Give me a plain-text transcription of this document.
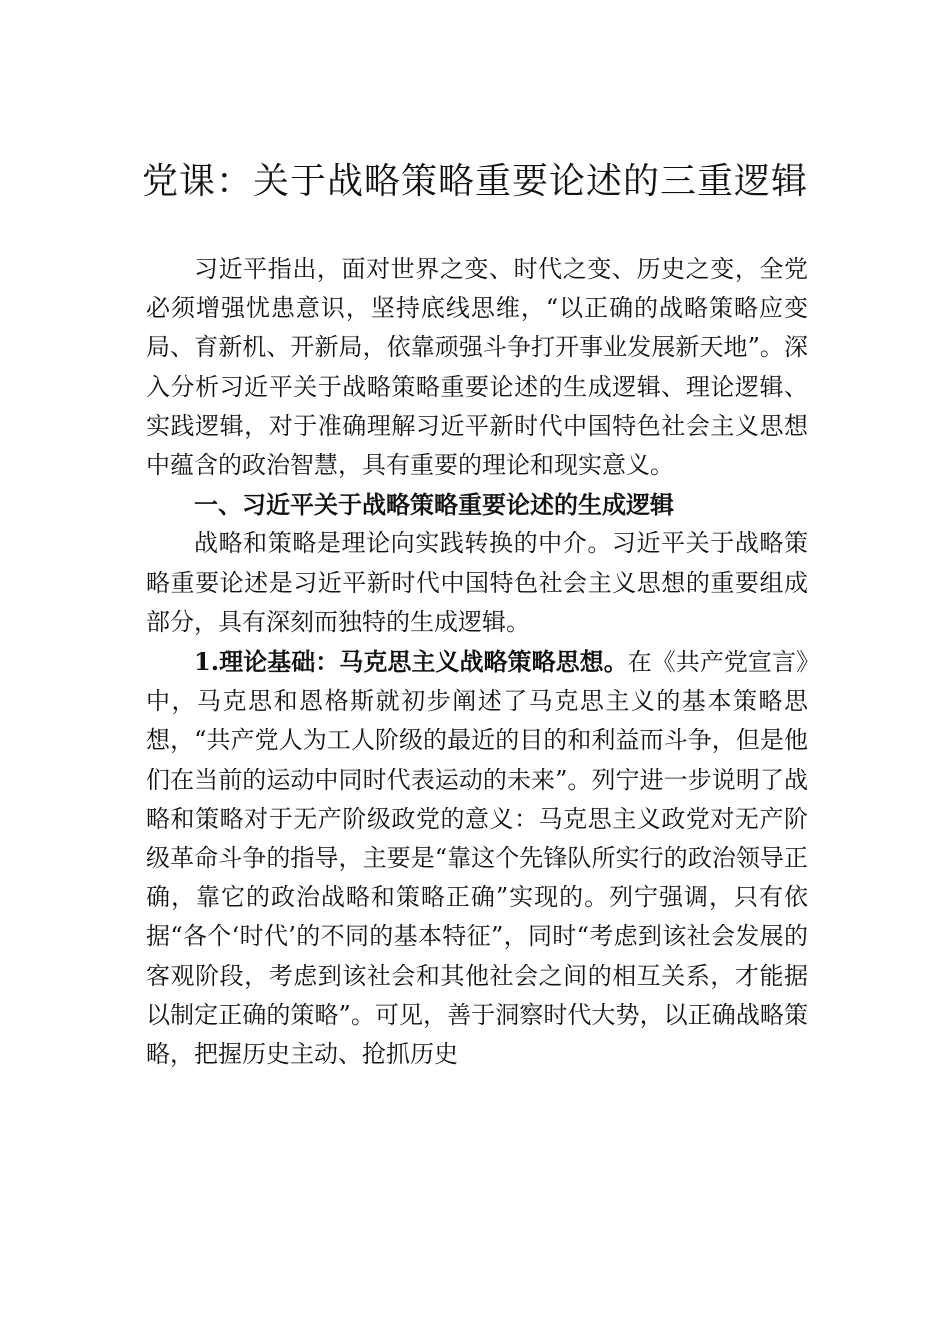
党课：关于战略策略重要论述的三重逻辑

习近平指出，面对世界之变、时代之变、历史之变，全党必须增强忧患意识，坚持底线思维，“以正确的战略策略应变局、育新机、开新局，依靠顽强斗争打开事业发展新天地”。深入分析习近平关于战略策略重要论述的生成逻辑、理论逻辑、实践逻辑，对于准确理解习近平新时代中国特色社会主义思想中蕴含的政治智慧，具有重要的理论和现实意义。

一、习近平关于战略策略重要论述的生成逻辑

战略和策略是理论向实践转换的中介。习近平关于战略策略重要论述是习近平新时代中国特色社会主义思想的重要组成部分，具有深刻而独特的生成逻辑。

1.理论基础：马克思主义战略策略思想。在《共产党宣言》中，马克思和恩格斯就初步阐述了马克思主义的基本策略思想，“共产党人为工人阶级的最近的目的和利益而斗争，但是他们在当前的运动中同时代表运动的未来”。列宁进一步说明了战略和策略对于无产阶级政党的意义：马克思主义政党对无产阶级革命斗争的指导，主要是“靠这个先锋队所实行的政治领导正确，靠它的政治战略和策略正确”实现的。列宁强调，只有依据“各个‘时代’的不同的基本特征”，同时“考虑到该社会发展的客观阶段，考虑到该社会和其他社会之间的相互关系，才能据以制定正确的策略”。可见，善于洞察时代大势，以正确战略策略，把握历史主动、抢抓历史
